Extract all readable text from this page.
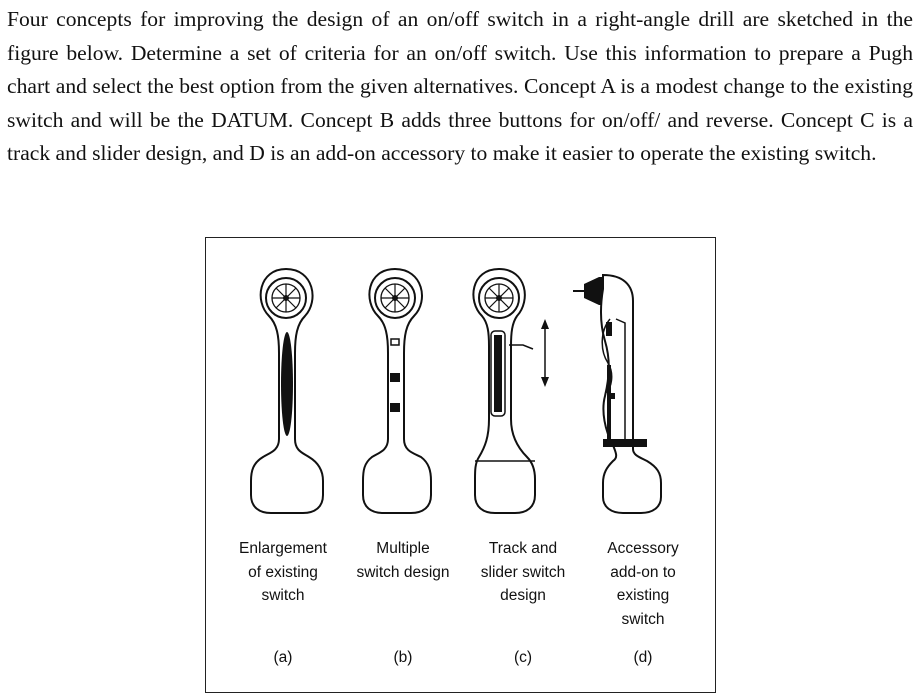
Four concepts for improving the design of an on/off switch in a right-angle drill are sketched in the figure below. Determine a set of criteria for an on/off switch. Use this information to prepare a Pugh chart and select the best option from the given alternatives. Concept A is a modest change to the existing switch and will be the DATUM. Concept B adds three buttons for on/off/ and reverse. Concept C is a track and slider design, and D is an add-on accessory to make it easier to operate the existing switch.

Enlargement
of existing
switch
Multiple
switch design
Track and
slider switch
design
Accessory
add-on to
existing
switch
(a)	(b)	(c)	(d)
